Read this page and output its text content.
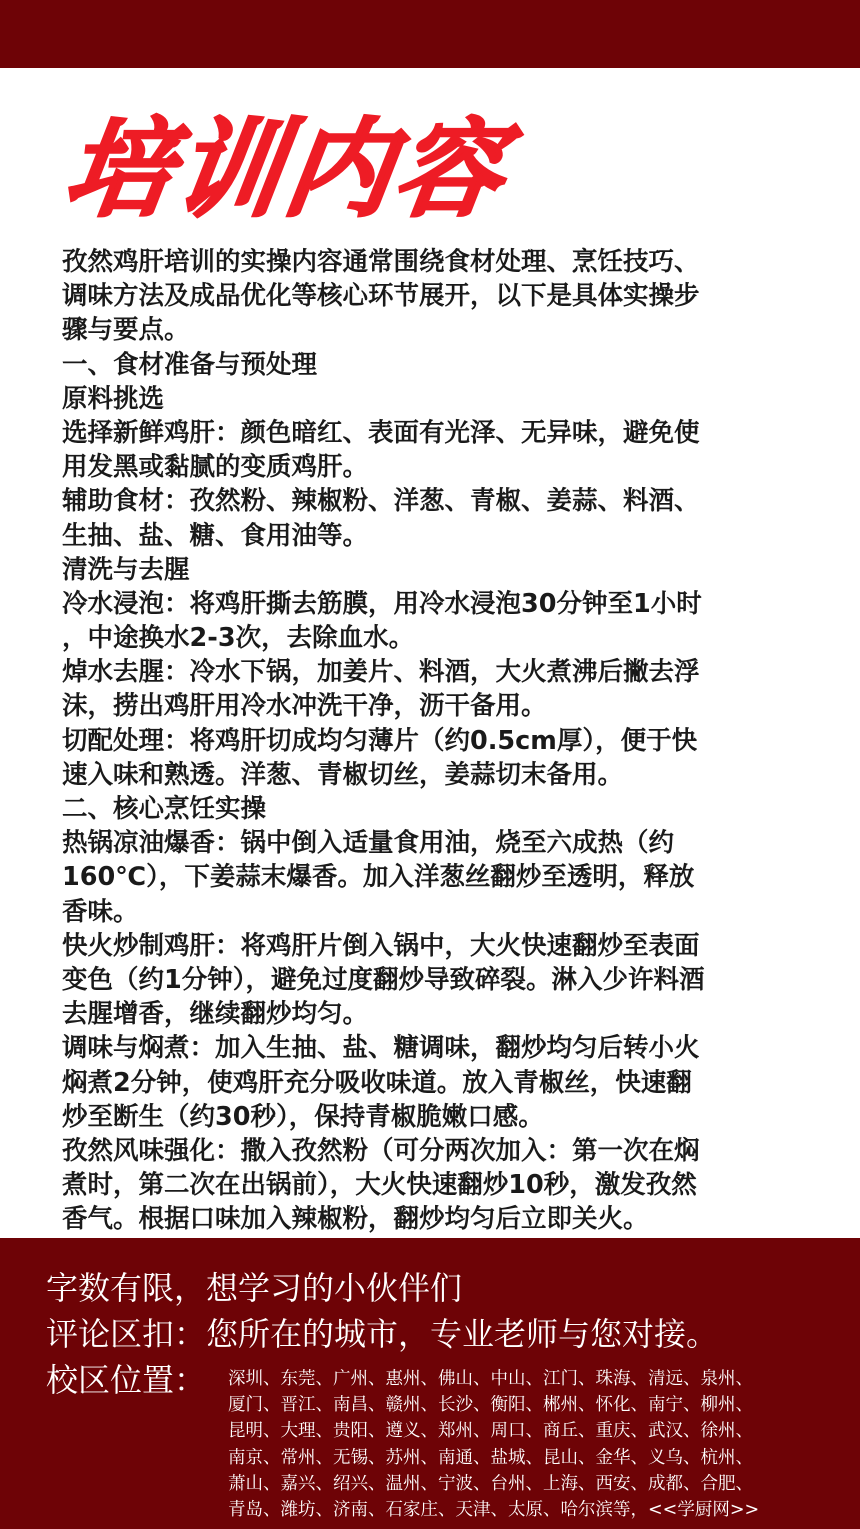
培训内容
孜然鸡肝培训的实操内容通常围绕食材处理、烹饪技巧、
调味方法及成品优化等核心环节展开，以下是具体实操步
骤与要点。
一、食材准备与预处理
原料挑选
选择新鲜鸡肝：颜色暗红、表面有光泽、无异味，避免使
用发黑或黏腻的变质鸡肝。
辅助食材：孜然粉、辣椒粉、洋葱、青椒、姜蒜、料酒、
生抽、盐、糖、食用油等。
清洗与去腥
冷水浸泡：将鸡肝撕去筋膜，用冷水浸泡30分钟至1小时
，中途换水2-3次，去除血水。
焯水去腥：冷水下锅，加姜片、料酒，大火煮沸后撇去浮
沫，捞出鸡肝用冷水冲洗干净，沥干备用。
切配处理：将鸡肝切成均匀薄片（约0.5cm厚），便于快
速入味和熟透。洋葱、青椒切丝，姜蒜切末备用。
二、核心烹饪实操
热锅凉油爆香：锅中倒入适量食用油，烧至六成热（约
160℃），下姜蒜末爆香。加入洋葱丝翻炒至透明，释放
香味。
快火炒制鸡肝：将鸡肝片倒入锅中，大火快速翻炒至表面
变色（约1分钟），避免过度翻炒导致碎裂。淋入少许料酒
去腥增香，继续翻炒均匀。
调味与焖煮：加入生抽、盐、糖调味，翻炒均匀后转小火
焖煮2分钟，使鸡肝充分吸收味道。放入青椒丝，快速翻
炒至断生（约30秒），保持青椒脆嫩口感。
孜然风味强化：撒入孜然粉（可分两次加入：第一次在焖
煮时，第二次在出锅前），大火快速翻炒10秒，激发孜然
香气。根据口味加入辣椒粉，翻炒均匀后立即关火。
字数有限，想学习的小伙伴们
评论区扣：您所在的城市，专业老师与您对接。
校区位置： 深圳、东莞、广州、惠州、佛山、中山、江门、珠海、清远、泉州、
厦门、晋江、南昌、赣州、长沙、衡阳、郴州、怀化、南宁、柳州、
昆明、大理、贵阳、遵义、郑州、周口、商丘、重庆、武汉、徐州、
南京、常州、无锡、苏州、南通、盐城、昆山、金华、义乌、杭州、
萧山、嘉兴、绍兴、温州、宁波、台州、上海、西安、成都、合肥、
青岛、潍坊、济南、石家庄、天津、太原、哈尔滨等，<<学厨网>>
